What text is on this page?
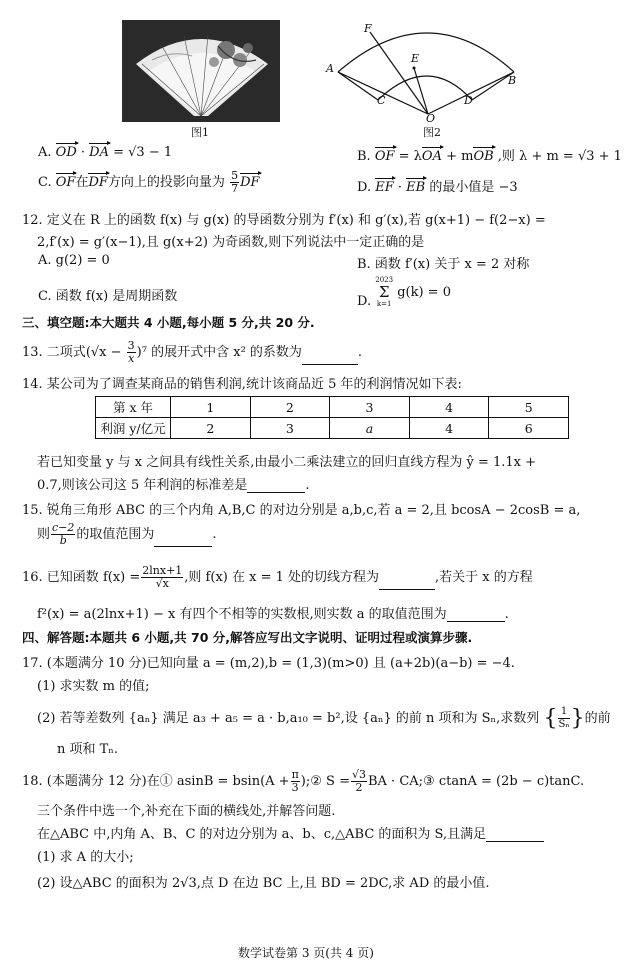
图1
F
E
A
B
C	D
O
图2
A. OD · DA = √3 − 1	B. OF = λOA + mOB ,则 λ + m = √3 + 1
C. OF在DF方向上的投影向量为 $\frac{5}{7}$ DF	D. EF · EB 的最小值是 −3
12. 定义在 R 上的函数 f(x) 与 g(x) 的导函数分别为 f′(x) 和 g′(x),若 g(x+1) − f(2−x) =
2,f′(x) = g′(x−1),且 g(x+2) 为奇函数,则下列说法中一定正确的是
A. g(2) = 0	B. 函数 f′(x) 关于 x = 2 对称
C. 函数 f(x) 是周期函数	D.
2023
Σ
k=1
g(k) = 0
三、填空题:本大题共 4 小题,每小题 5 分,共 20 分.
13. 二项式$(√x - \frac{3}{x} )^7$ 的展开式中含 x² 的系数为	.
14. 某公司为了调查某商品的销售利润,统计该商品近 5 年的利润情况如下表:
第 x 年	1	2	3	4	5
利润 y/亿元	2	3	a	4	6
若已知变量 y 与 x 之间具有线性关系,由最小二乘法建立的回归直线方程为 ŷ = 1.1x +
0.7,则该公司这 5 年利润的标准差是	.
15. 锐角三角形 ABC 的三个内角 A,B,C 的对边分别是 a,b,c,若 a = 2,且 bcosA − 2cosB = a,
则 $\frac{c-2}{b}$ 的取值范围为	.
16. 已知函数 $f(x) = \frac{2\ln x+1}{√x}$ ,则 f(x) 在 x = 1 处的切线方程为	,若关于 x 的方程
f²(x) = a(2lnx+1) − x 有四个不相等的实数根,则实数 a 的取值范围为	.
四、解答题:本题共 6 小题,共 70 分,解答应写出文字说明、证明过程或演算步骤.
17. (本题满分 10 分)已知向量 a = (m,2),b = (1,3)(m>0) 且 (a+2b)(a−b) = −4.
(1) 求实数 m 的值;
(2) 若等差数列 {aₙ} 满足 a₃ + a₅ = a · b,a₁₀ = b²,设 {aₙ} 的前 n 项和为 Sₙ,求数列 { $\frac{1}{\text{Sₙ}}$ }的前
n 项和 Tₙ.
18. (本题满分 12 分)在① $asinB = bsin(A + \frac{\pi}{3}$ );② $S = \frac{√3}{2}$ BA · CA;③ ctanA = (2b − c)tanC.
三个条件中选一个,补充在下面的横线处,并解答问题.
在△ABC 中,内角 A、B、C 的对边分别为 a、b、c,△ABC 的面积为 S,且满足
(1) 求 A 的大小;
(2) 设△ABC 的面积为 2√3,点 D 在边 BC 上,且 BD = 2DC,求 AD 的最小值.
数学试卷第 3 页(共 4 页)
